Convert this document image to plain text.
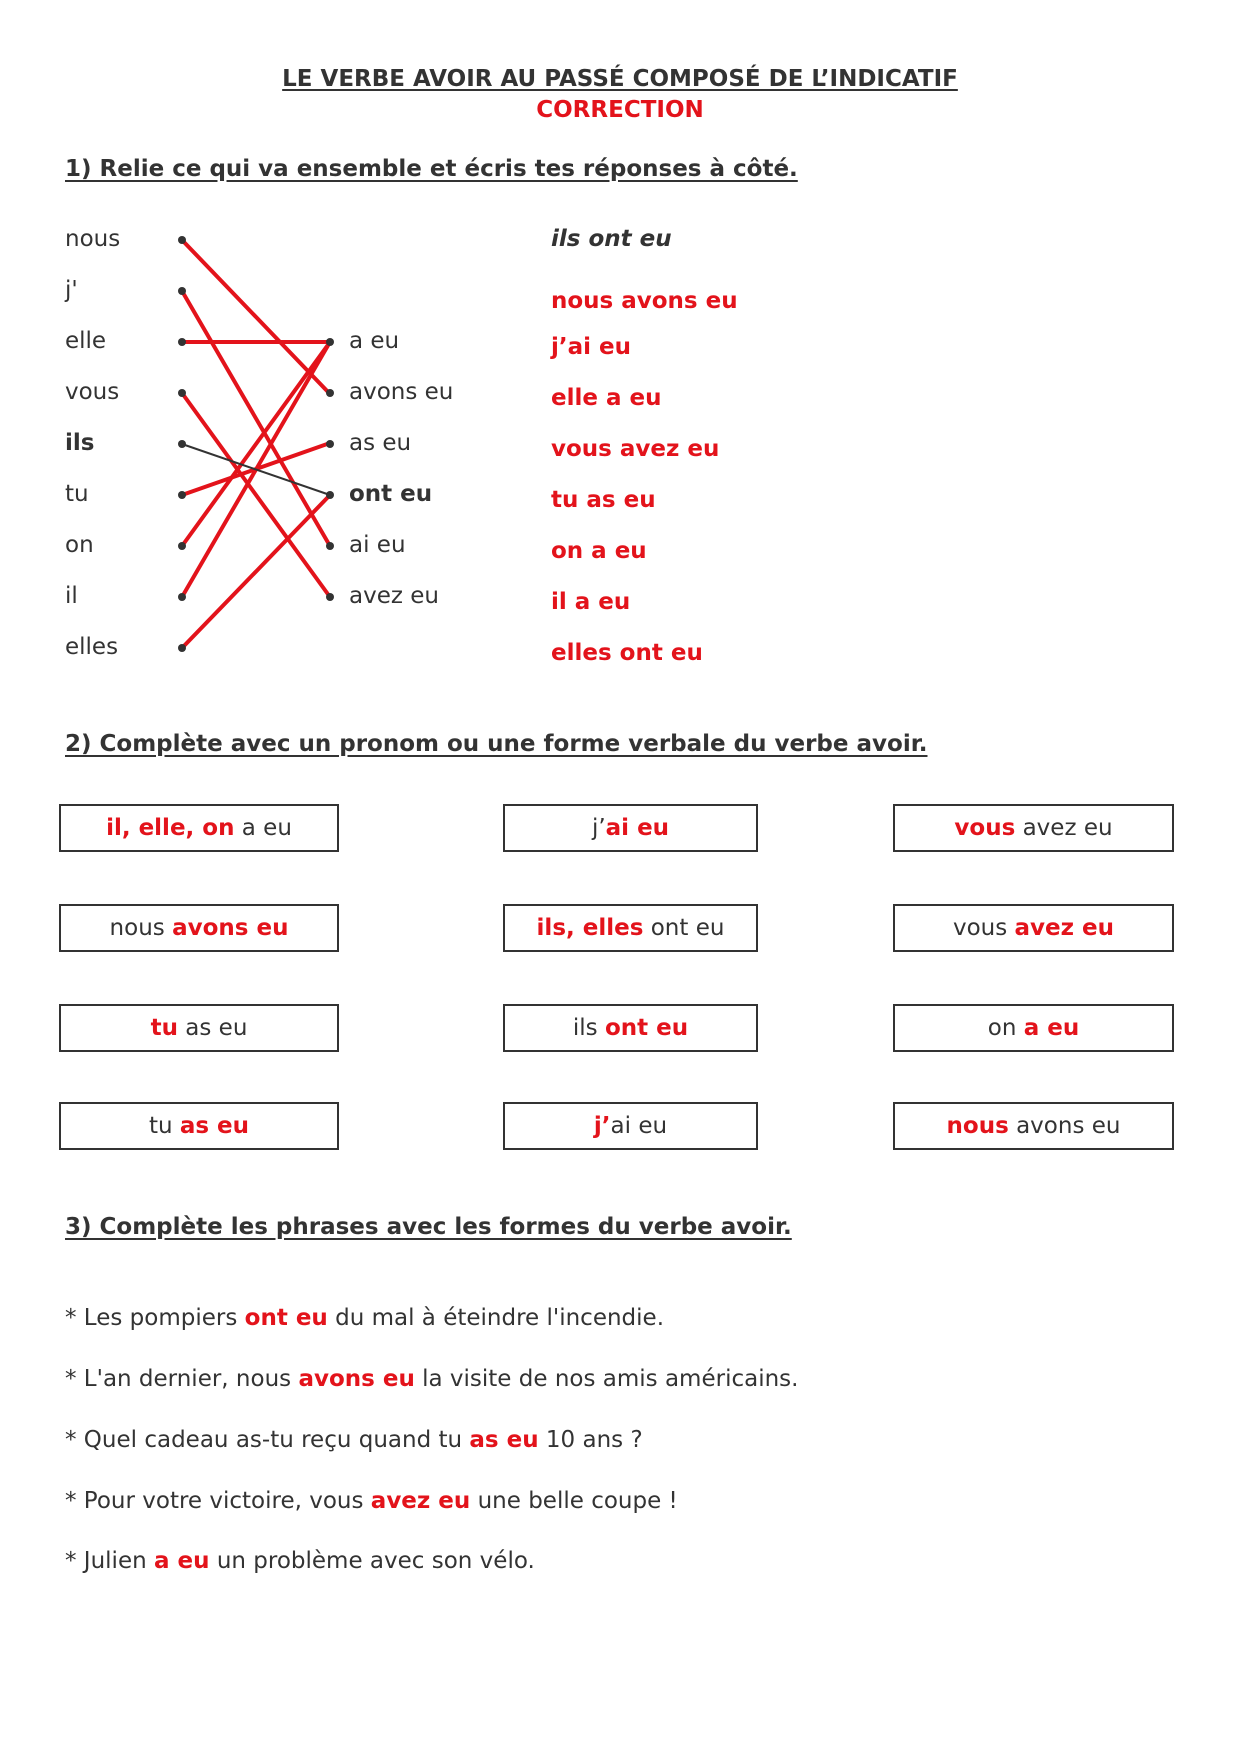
LE VERBE AVOIR AU PASSÉ COMPOSÉ DE L’INDICATIF
CORRECTION
1) Relie ce qui va ensemble et écris tes réponses à côté.
nous
j'
elle
vous
ils
tu
on
il
elles
a eu
avons eu
as eu
ont eu
ai eu
avez eu
ils ont eu
nous avons eu
j’ai eu
elle a eu
vous avez eu
tu as eu
on a eu
il a eu
elles ont eu
2) Complète avec un pronom ou une forme verbale du verbe avoir.
il, elle, on a eu	j’ ai eu	vous avez eu
nous avons eu	ils, elles ont eu	vous avez eu
tu as eu	ils ont eu	on a eu
tu as eu	j’ ai eu	nous avons eu
3) Complète les phrases avec les formes du verbe avoir.
* Les pompiers ont eu du mal à éteindre l'incendie.
* L'an dernier, nous avons eu la visite de nos amis américains.
* Quel cadeau as-tu reçu quand tu as eu 10 ans ?
* Pour votre victoire, vous avez eu une belle coupe !
* Julien a eu un problème avec son vélo.
